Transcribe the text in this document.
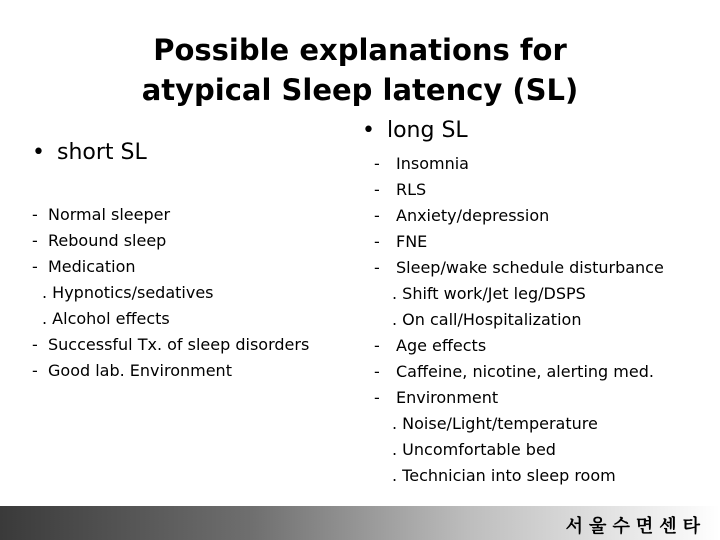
Possible explanations for
atypical Sleep latency (SL)
• short SL
- Normal sleeper
- Rebound sleep
- Medication
. Hypnotics/sedatives
. Alcohol effects
- Successful Tx. of sleep disorders
- Good lab. Environment
• long SL
- Insomnia
- RLS
- Anxiety/depression
- FNE
- Sleep/wake schedule disturbance
. Shift work/Jet leg/DSPS
. On call/Hospitalization
- Age effects
- Caffeine, nicotine, alerting med.
- Environment
. Noise/Light/temperature
. Uncomfortable bed
. Technician into sleep room
서울수면센타
